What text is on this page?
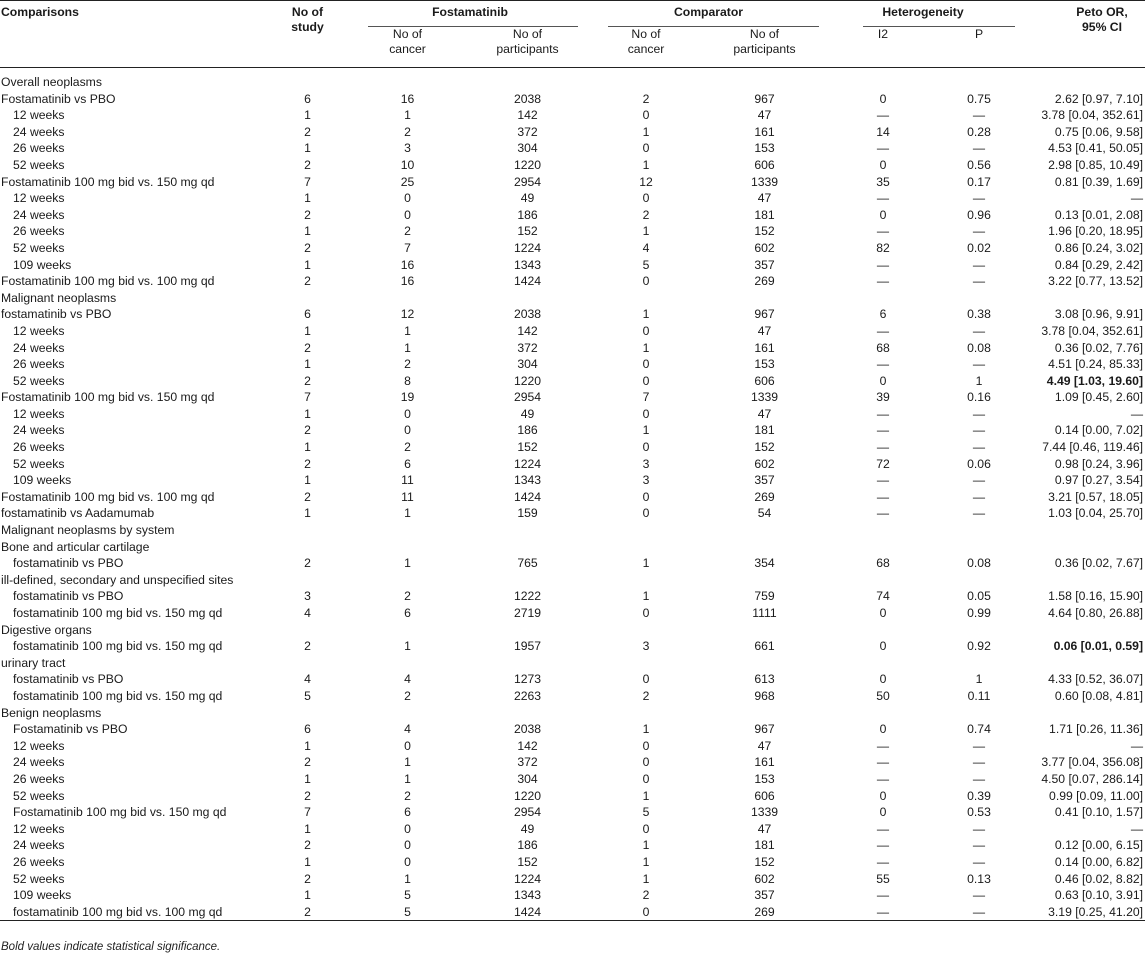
Comparisons	No of study	Fostamatinib		Comparator		Heterogeneity		Peto OR, 95% CI
		No of cancer	No of participants	No of cancer	No of participants	I2	P	
Overall neoplasms								
Fostamatinib vs PBO	6	16	2038	2	967	0	0.75	2.62 [0.97, 7.10]
12 weeks	1	1	142	0	47	—	—	3.78 [0.04, 352.61]
24 weeks	2	2	372	1	161	14	0.28	0.75 [0.06, 9.58]
26 weeks	1	3	304	0	153	—	—	4.53 [0.41, 50.05]
52 weeks	2	10	1220	1	606	0	0.56	2.98 [0.85, 10.49]
Fostamatinib 100 mg bid vs. 150 mg qd	7	25	2954	12	1339	35	0.17	0.81 [0.39, 1.69]
12 weeks	1	0	49	0	47	—	—	—
24 weeks	2	0	186	2	181	0	0.96	0.13 [0.01, 2.08]
26 weeks	1	2	152	1	152	—	—	1.96 [0.20, 18.95]
52 weeks	2	7	1224	4	602	82	0.02	0.86 [0.24, 3.02]
109 weeks	1	16	1343	5	357	—	—	0.84 [0.29, 2.42]
Fostamatinib 100 mg bid vs. 100 mg qd	2	16	1424	0	269	—	—	3.22 [0.77, 13.52]
Malignant neoplasms								
fostamatinib vs PBO	6	12	2038	1	967	6	0.38	3.08 [0.96, 9.91]
12 weeks	1	1	142	0	47	—	—	3.78 [0.04, 352.61]
24 weeks	2	1	372	1	161	68	0.08	0.36 [0.02, 7.76]
26 weeks	1	2	304	0	153	—	—	4.51 [0.24, 85.33]
52 weeks	2	8	1220	0	606	0	1	4.49 [1.03, 19.60]
Fostamatinib 100 mg bid vs. 150 mg qd	7	19	2954	7	1339	39	0.16	1.09 [0.45, 2.60]
12 weeks	1	0	49	0	47	—	—	—
24 weeks	2	0	186	1	181	—	—	0.14 [0.00, 7.02]
26 weeks	1	2	152	0	152	—	—	7.44 [0.46, 119.46]
52 weeks	2	6	1224	3	602	72	0.06	0.98 [0.24, 3.96]
109 weeks	1	11	1343	3	357	—	—	0.97 [0.27, 3.54]
Fostamatinib 100 mg bid vs. 100 mg qd	2	11	1424	0	269	—	—	3.21 [0.57, 18.05]
fostamatinib vs Aadamumab	1	1	159	0	54	—	—	1.03 [0.04, 25.70]
Malignant neoplasms by system								
Bone and articular cartilage								
fostamatinib vs PBO	2	1	765	1	354	68	0.08	0.36 [0.02, 7.67]
ill-defined, secondary and unspecified sites								
fostamatinib vs PBO	3	2	1222	1	759	74	0.05	1.58 [0.16, 15.90]
fostamatinib 100 mg bid vs. 150 mg qd	4	6	2719	0	1111	0	0.99	4.64 [0.80, 26.88]
Digestive organs								
fostamatinib 100 mg bid vs. 150 mg qd	2	1	1957	3	661	0	0.92	0.06 [0.01, 0.59]
urinary tract								
fostamatinib vs PBO	4	4	1273	0	613	0	1	4.33 [0.52, 36.07]
fostamatinib 100 mg bid vs. 150 mg qd	5	2	2263	2	968	50	0.11	0.60 [0.08, 4.81]
Benign neoplasms								
Fostamatinib vs PBO	6	4	2038	1	967	0	0.74	1.71 [0.26, 11.36]
12 weeks	1	0	142	0	47	—	—	—
24 weeks	2	1	372	0	161	—	—	3.77 [0.04, 356.08]
26 weeks	1	1	304	0	153	—	—	4.50 [0.07, 286.14]
52 weeks	2	2	1220	1	606	0	0.39	0.99 [0.09, 11.00]
Fostamatinib 100 mg bid vs. 150 mg qd	7	6	2954	5	1339	0	0.53	0.41 [0.10, 1.57]
12 weeks	1	0	49	0	47	—	—	—
24 weeks	2	0	186	1	181	—	—	0.12 [0.00, 6.15]
26 weeks	1	0	152	1	152	—	—	0.14 [0.00, 6.82]
52 weeks	2	1	1224	1	602	55	0.13	0.46 [0.02, 8.82]
109 weeks	1	5	1343	2	357	—	—	0.63 [0.10, 3.91]
fostamatinib 100 mg bid vs. 100 mg qd	2	5	1424	0	269	—	—	3.19 [0.25, 41.20]
Bold values indicate statistical significance.
